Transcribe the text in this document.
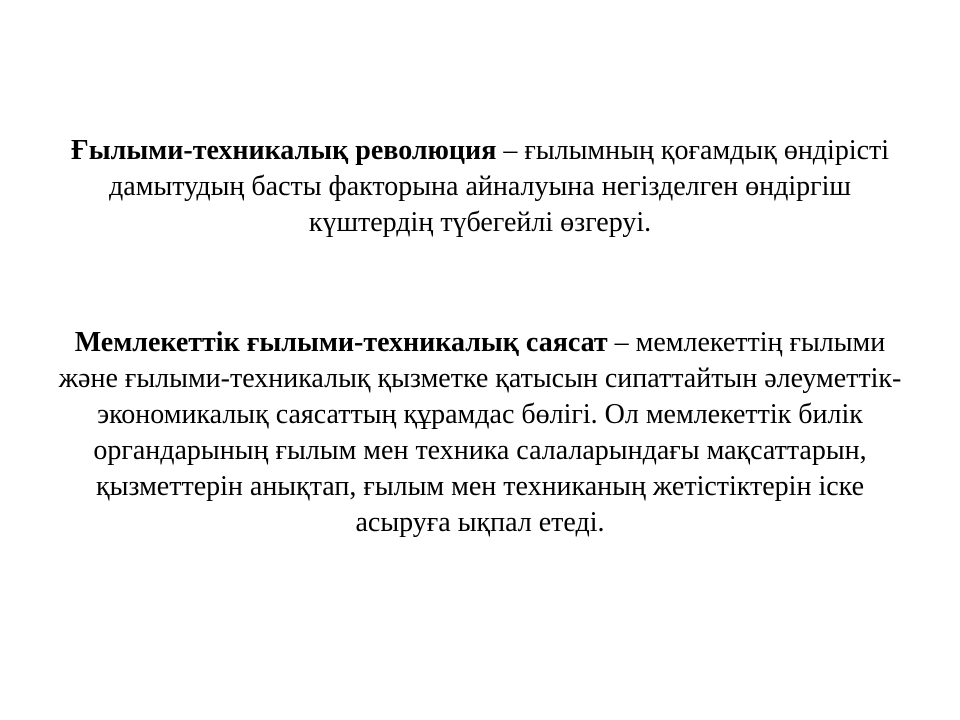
Ғылыми-техникалық революция – ғылымның қоғамдық өндірісті дамытудың басты факторына айналуына негізделген өндіргіш күштердің түбегейлі өзгеруі.

Мемлекеттік ғылыми-техникалық саясат – мемлекеттің ғылыми және ғылыми-техникалық қызметке қатысын сипаттайтын әлеуметтік-экономикалық саясаттың құрамдас бөлігі. Ол мемлекеттік билік органдарының ғылым мен техника салаларындағы мақсаттарын, қызметтерін анықтап, ғылым мен техниканың жетістіктерін іске асыруға ықпал етеді.
